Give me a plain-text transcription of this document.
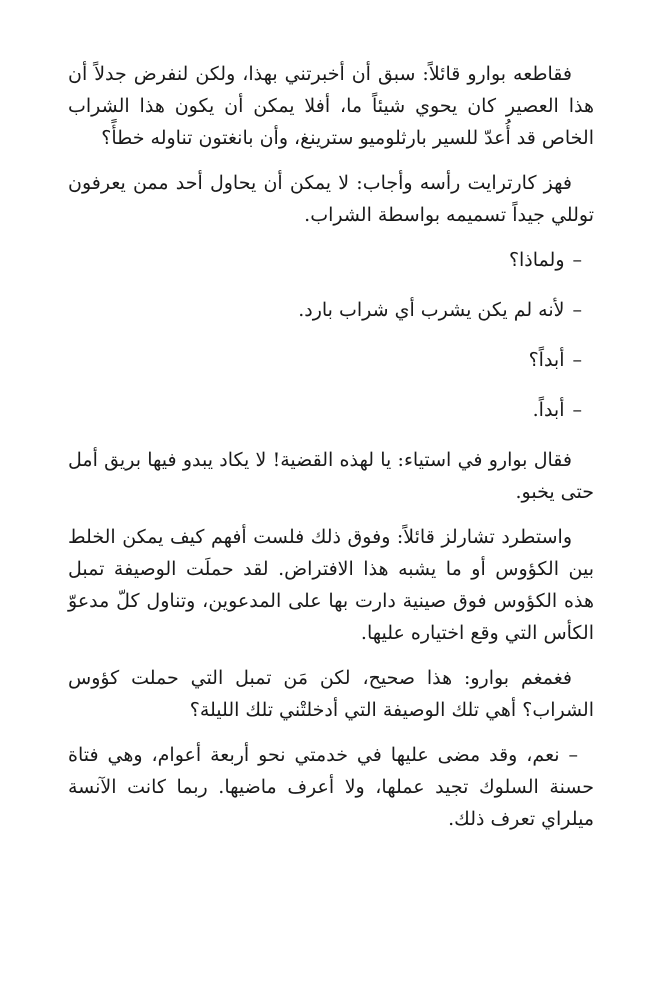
فقاطعه بوارو قائلاً: سبق أن أخبرتني بهذا، ولكن لنفرض جدلاً أن هذا العصير كان يحوي شيئاً ما، أفلا يمكن أن يكون هذا الشراب الخاص قد أُعدّ للسير بارثلوميو سترينغ، وأن بانغتون تناوله خطأً؟

فهز كارترايت رأسه وأجاب: لا يمكن أن يحاول أحد ممن يعرفون توللي جيداً تسميمه بواسطة الشراب.

–ولماذا؟

–لأنه لم يكن يشرب أي شراب بارد.

–أبداً؟

–أبداً.

فقال بوارو في استياء: يا لهذه القضية! لا يكاد يبدو فيها بريق أمل حتى يخبو.

واستطرد تشارلز قائلاً: وفوق ذلك فلست أفهم كيف يمكن الخلط بين الكؤوس أو ما يشبه هذا الافتراض. لقد حملَت الوصيفة تمبل هذه الكؤوس فوق صينية دارت بها على المدعوين، وتناول كلّ مدعوّ الكأس التي وقع اختياره عليها.

فغمغم بوارو: هذا صحيح، لكن مَن تمبل التي حملت كؤوس الشراب؟ أهي تلك الوصيفة التي أدخلتْني تلك الليلة؟

– نعم، وقد مضى عليها في خدمتي نحو أربعة أعوام، وهي فتاة حسنة السلوك تجيد عملها، ولا أعرف ماضيها. ربما كانت الآنسة ميلراي تعرف ذلك.
